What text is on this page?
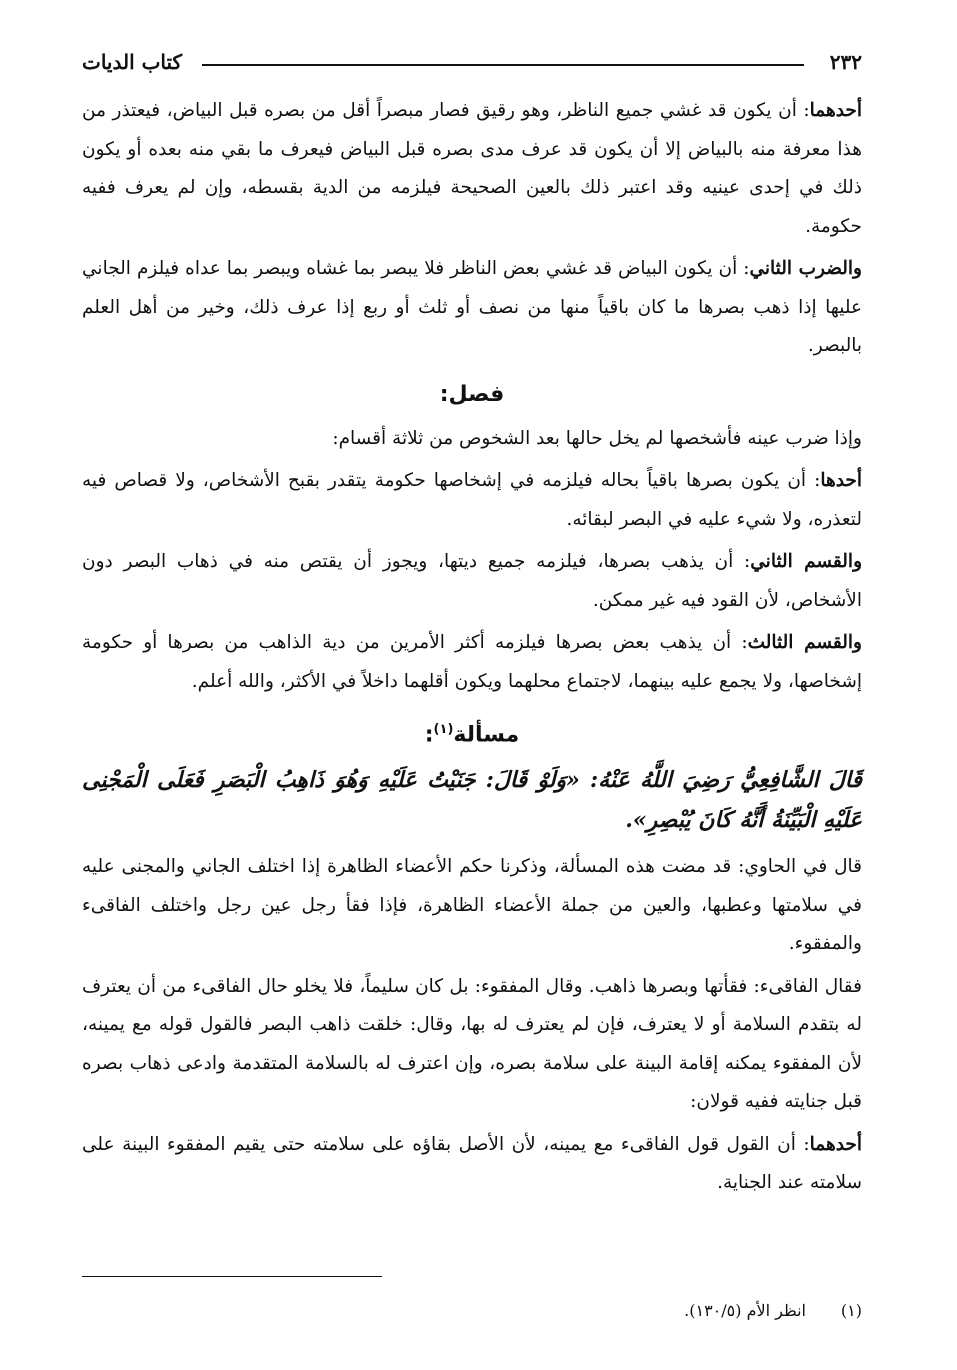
٢٣٢
كتاب الديات

أحدهما: أن يكون قد غشي جميع الناظر، وهو رقيق فصار مبصراً أقل من بصره قبل البياض، فيعتذر من هذا معرفة منه بالبياض إلا أن يكون قد عرف مدى بصره قبل البياض فيعرف ما بقي منه بعده أو يكون ذلك في إحدى عينيه وقد اعتبر ذلك بالعين الصحيحة فيلزمه من الدية بقسطه، وإن لم يعرف ففيه حكومة.

والضرب الثاني: أن يكون البياض قد غشي بعض الناظر فلا يبصر بما غشاه ويبصر بما عداه فيلزم الجاني عليها إذا ذهب بصرها ما كان باقياً منها من نصف أو ثلث أو ربع إذا عرف ذلك، وخير من أهل العلم بالبصر.

فصل:

وإذا ضرب عينه فأشخصها لم يخل حالها بعد الشخوص من ثلاثة أقسام:

أحدها: أن يكون بصرها باقياً بحاله فيلزمه في إشخاصها حكومة يتقدر بقبح الأشخاص، ولا قصاص فيه لتعذره، ولا شيء عليه في البصر لبقائه.

والقسم الثاني: أن يذهب بصرها، فيلزمه جميع ديتها، ويجوز أن يقتص منه في ذهاب البصر دون الأشخاص، لأن القود فيه غير ممكن.

والقسم الثالث: أن يذهب بعض بصرها فيلزمه أكثر الأمرين من دية الذاهب من بصرها أو حكومة إشخاصها، ولا يجمع عليه بينهما، لاجتماع محلهما ويكون أقلهما داخلاً في الأكثر، والله أعلم.

مسألة$^{(١)}$:

قَالَ الشَّافِعِيُّ رَضِيَ اللَّهُ عَنْهُ: «وَلَوْ قَالَ: جَنَيْتُ عَلَيْهِ وَهُوَ ذَاهِبُ الْبَصَرِ فَعَلَى الْمَجْنِى عَلَيْهِ الْبَيِّنَةُ أَنَّهُ كَانَ يُبْصِرِ».

قال في الحاوي: قد مضت هذه المسألة، وذكرنا حكم الأعضاء الظاهرة إذا اختلف الجاني والمجنى عليه في سلامتها وعطبها، والعين من جملة الأعضاء الظاهرة، فإذا فقأ رجل عين رجل واختلف الفاقىء والمفقوء.

فقال الفاقىء: فقأتها وبصرها ذاهب. وقال المفقوء: بل كان سليماً، فلا يخلو حال الفاقىء من أن يعترف له بتقدم السلامة أو لا يعترف، فإن لم يعترف له بها، وقال: خلقت ذاهب البصر فالقول قوله مع يمينه، لأن المفقوء يمكنه إقامة البينة على سلامة بصره، وإن اعترف له بالسلامة المتقدمة وادعى ذهاب بصره قبل جنايته ففيه قولان:

أحدهما: أن القول قول الفاقىء مع يمينه، لأن الأصل بقاؤه على سلامته حتى يقيم المفقوء البينة على سلامته عند الجناية.

(١)
انظر الأم (١٣٠/٥).
